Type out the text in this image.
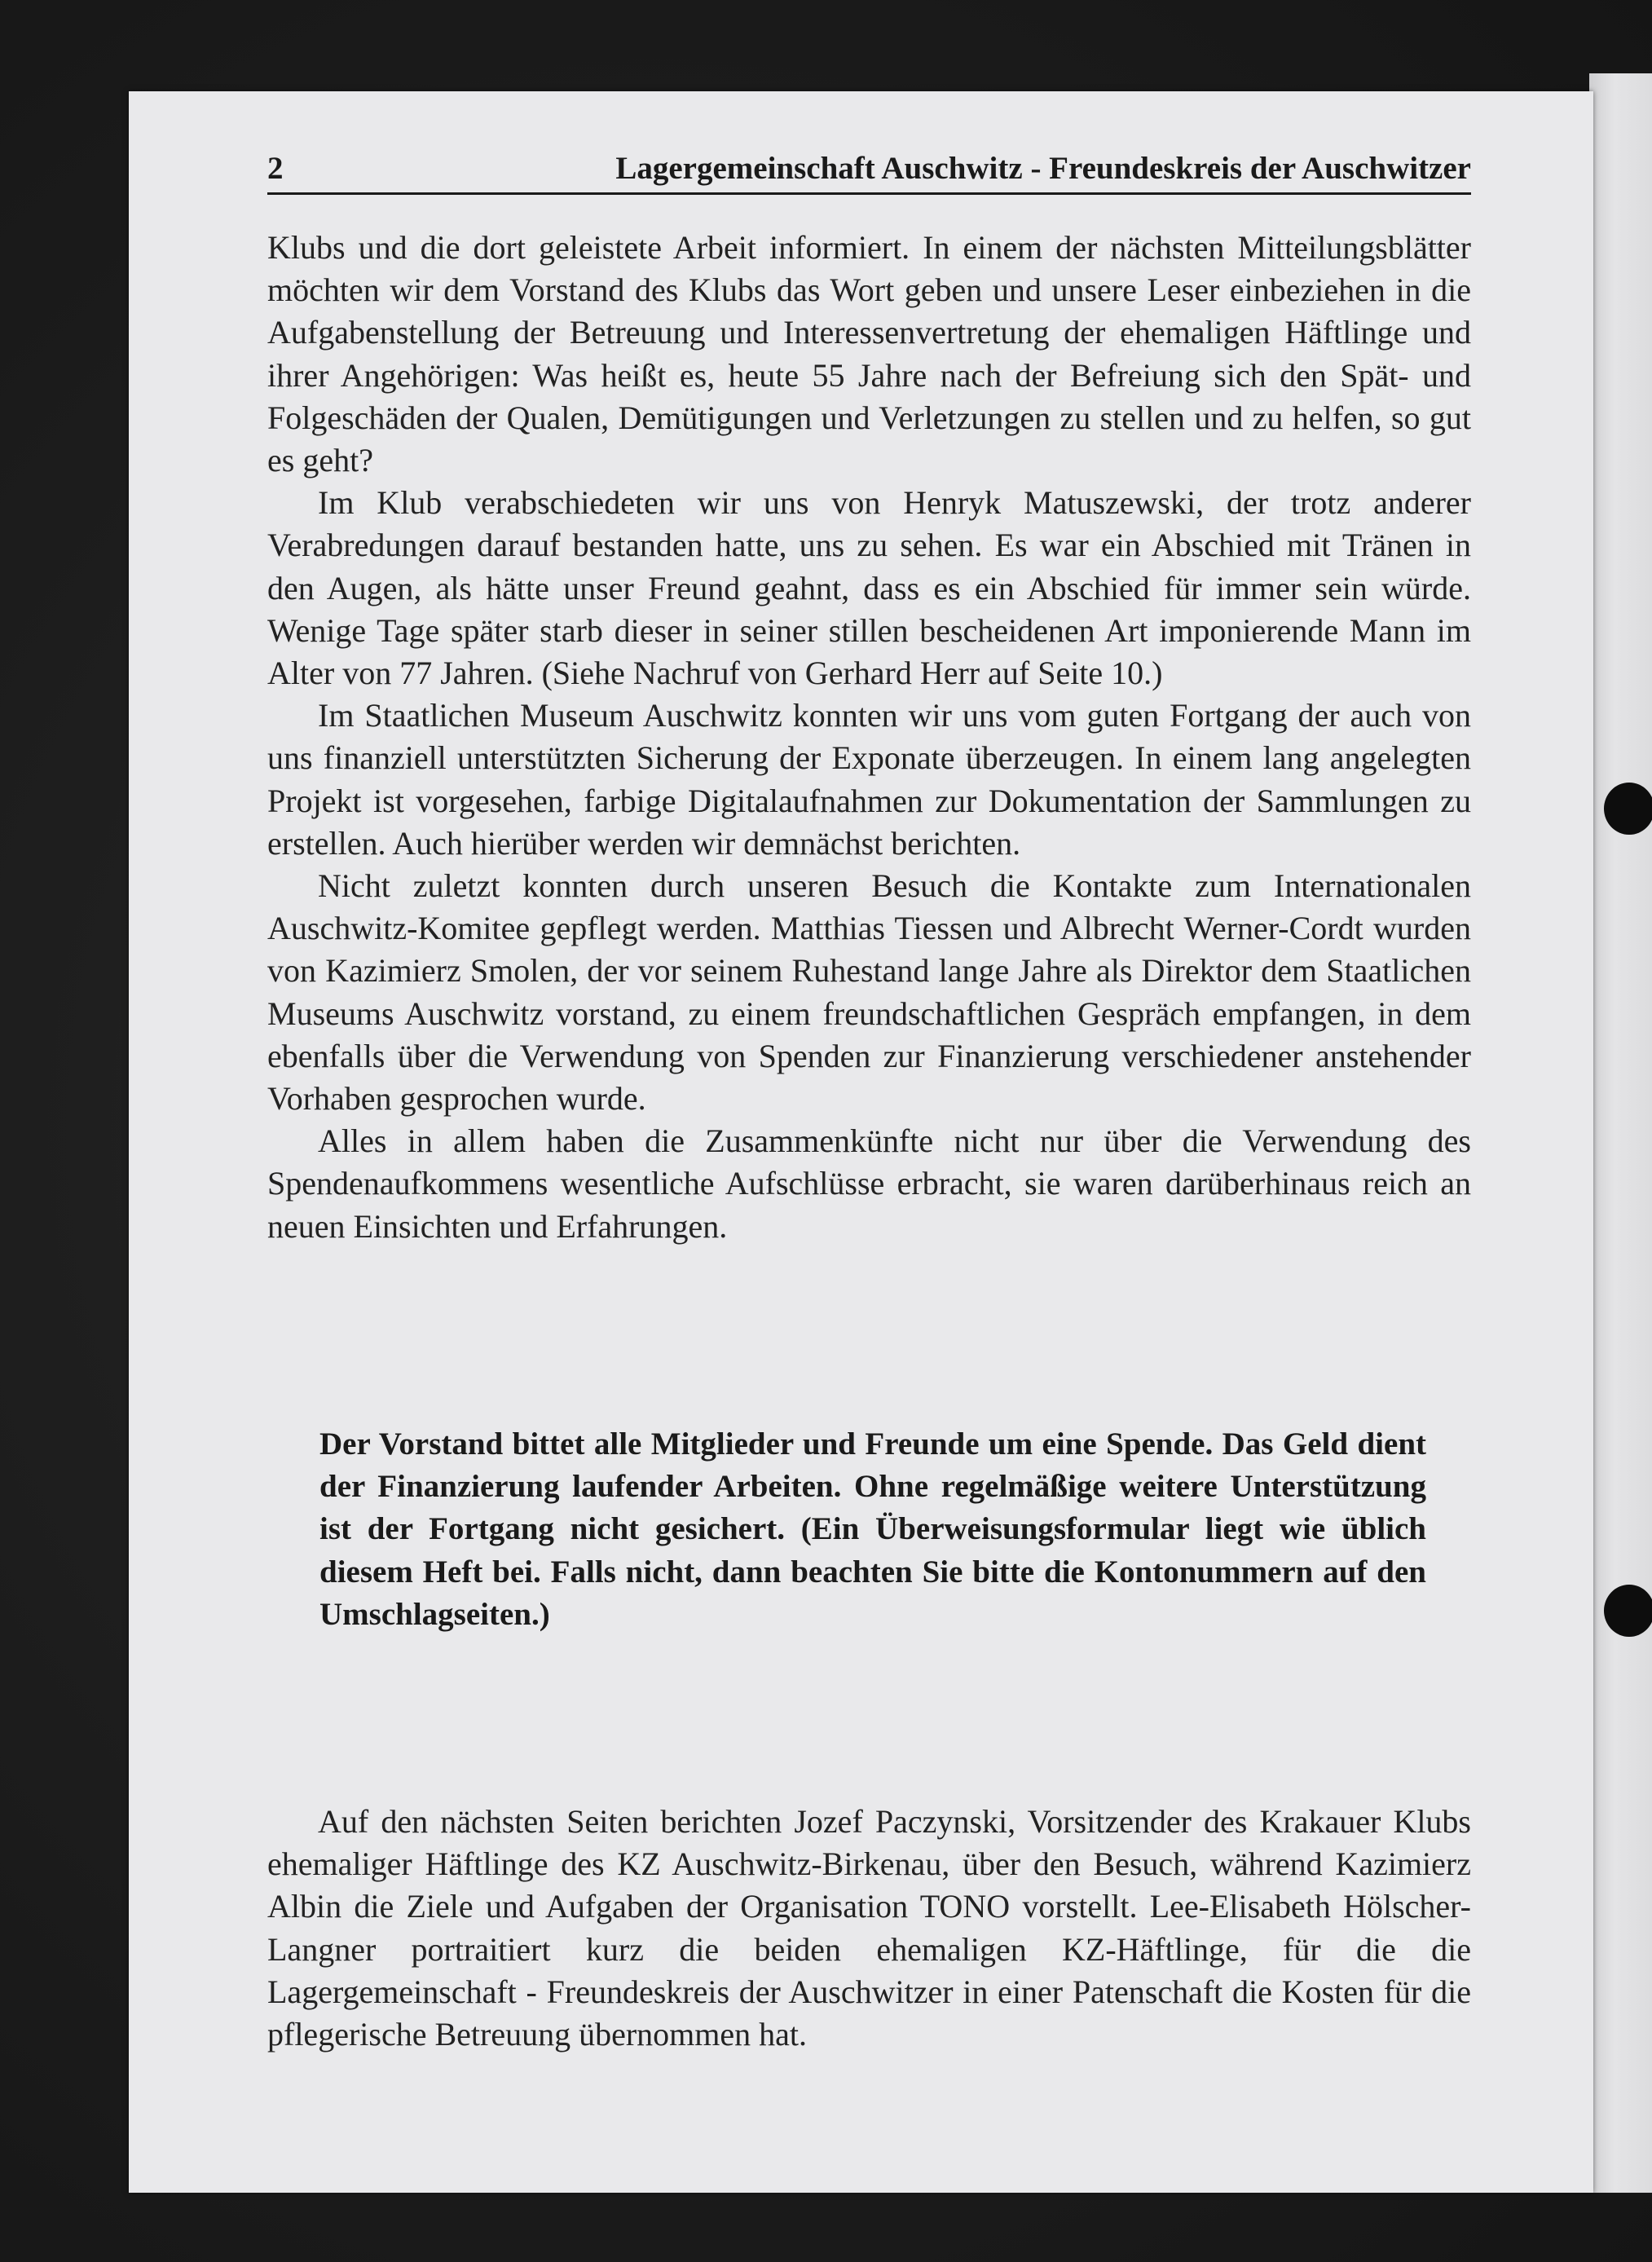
2	Lagergemeinschaft Auschwitz - Freundeskreis der Auschwitzer

Klubs und die dort geleistete Arbeit informiert. In einem der nächsten Mitteilungsblätter möchten wir dem Vorstand des Klubs das Wort geben und unsere Leser einbeziehen in die Aufgabenstellung der Betreuung und Interessenvertretung der ehemaligen Häftlinge und ihrer Angehörigen: Was heißt es, heute 55 Jahre nach der Befreiung sich den Spät- und Folgeschäden der Qualen, Demütigungen und Verletzungen zu stellen und zu helfen, so gut es geht?

Im Klub verabschiedeten wir uns von Henryk Matuszewski, der trotz anderer Verabredungen darauf bestanden hatte, uns zu sehen. Es war ein Abschied mit Tränen in den Augen, als hätte unser Freund geahnt, dass es ein Abschied für immer sein würde. Wenige Tage später starb dieser in seiner stillen bescheidenen Art imponierende Mann im Alter von 77 Jahren. (Siehe Nachruf von Gerhard Herr auf Seite 10.)

Im Staatlichen Museum Auschwitz konnten wir uns vom guten Fortgang der auch von uns finanziell unterstützten Sicherung der Exponate überzeugen. In einem lang angelegten Projekt ist vorgesehen, farbige Digitalaufnahmen zur Dokumentation der Sammlungen zu erstellen. Auch hierüber werden wir demnächst berichten.

Nicht zuletzt konnten durch unseren Besuch die Kontakte zum Internationalen Auschwitz-Komitee gepflegt werden. Matthias Tiessen und Albrecht Werner-Cordt wurden von Kazimierz Smolen, der vor seinem Ruhestand lange Jahre als Direktor dem Staatlichen Museums Auschwitz vorstand, zu einem freundschaftlichen Gespräch empfangen, in dem ebenfalls über die Verwendung von Spenden zur Finanzierung verschiedener anstehender Vorhaben gesprochen wurde.

Alles in allem haben die Zusammenkünfte nicht nur über die Verwendung des Spendenaufkommens wesentliche Aufschlüsse erbracht, sie waren darüberhinaus reich an neuen Einsichten und Erfahrungen.

Der Vorstand bittet alle Mitglieder und Freunde um eine Spende. Das Geld dient der Finanzierung laufender Arbeiten. Ohne regelmäßige weitere Unterstützung ist der Fortgang nicht gesichert. (Ein Überweisungsformular liegt wie üblich diesem Heft bei. Falls nicht, dann beachten Sie bitte die Kontonummern auf den Umschlagseiten.)

Auf den nächsten Seiten berichten Jozef Paczynski, Vorsitzender des Krakauer Klubs ehemaliger Häftlinge des KZ Auschwitz-Birkenau, über den Besuch, während Kazimierz Albin die Ziele und Aufgaben der Organisation TONO vorstellt. Lee-Elisabeth Hölscher-Langner portraitiert kurz die beiden ehemaligen KZ-Häftlinge, für die die Lagergemeinschaft - Freundeskreis der Auschwitzer in einer Patenschaft die Kosten für die pflegerische Betreuung übernommen hat.
